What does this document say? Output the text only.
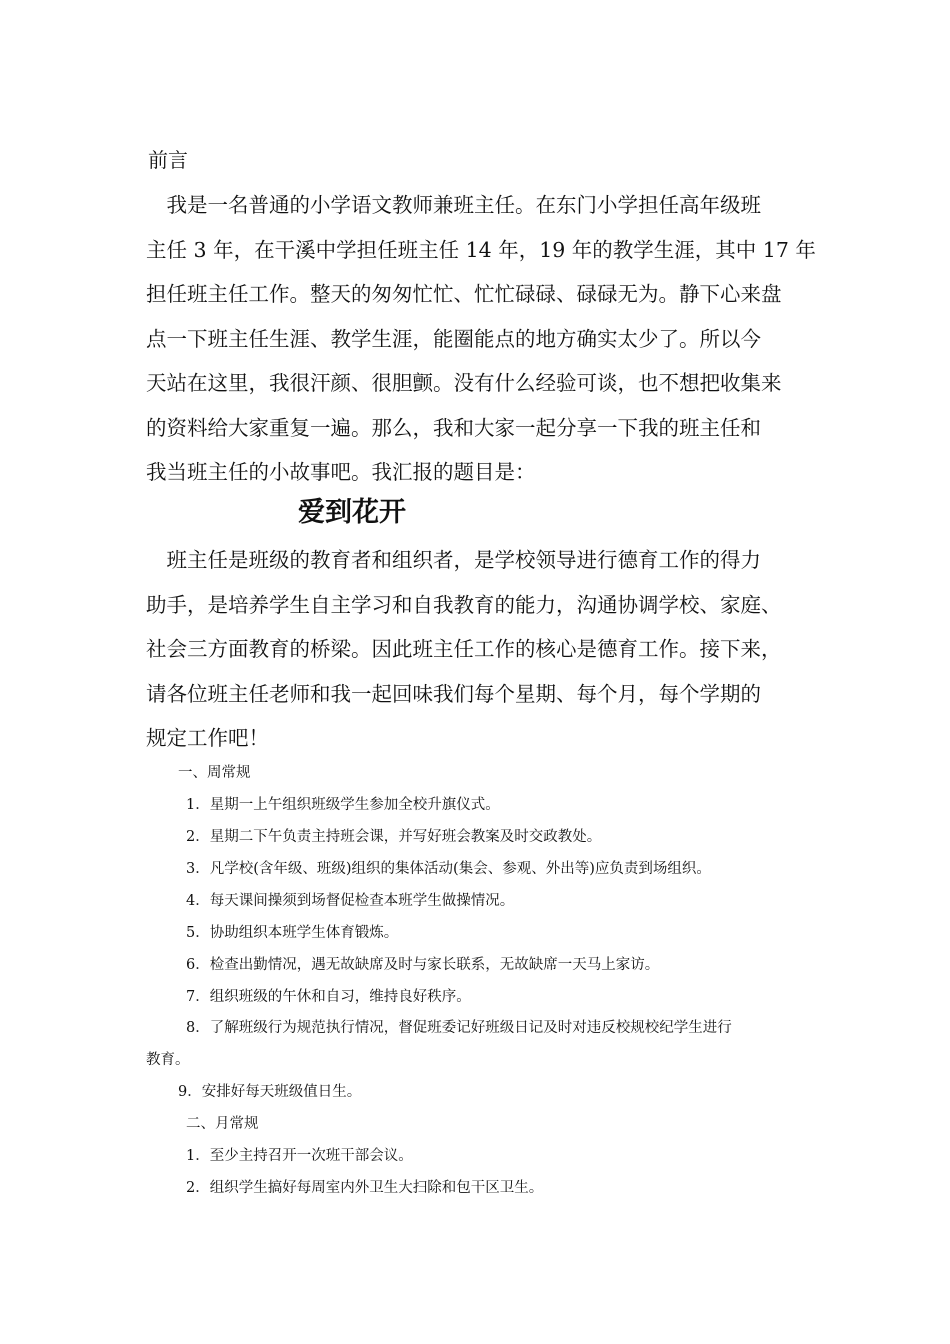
前言

　我是一名普通的小学语文教师兼班主任。在东门小学担任高年级班

主任 3 年，在干溪中学担任班主任 14 年，19 年的教学生涯，其中 17 年

担任班主任工作。整天的匆匆忙忙、忙忙碌碌、碌碌无为。静下心来盘

点一下班主任生涯、教学生涯，能圈能点的地方确实太少了。所以今

天站在这里，我很汗颜、很胆颤。没有什么经验可谈，也不想把收集来

的资料给大家重复一遍。那么，我和大家一起分享一下我的班主任和

我当班主任的小故事吧。我汇报的题目是：

爱到花开

　班主任是班级的教育者和组织者，是学校领导进行德育工作的得力

助手，是培养学生自主学习和自我教育的能力，沟通协调学校、家庭、

社会三方面教育的桥梁。因此班主任工作的核心是德育工作。接下来，

请各位班主任老师和我一起回味我们每个星期、每个月，每个学期的

规定工作吧！

一、周常规
1．星期一上午组织班级学生参加全校升旗仪式。
2．星期二下午负责主持班会课，并写好班会教案及时交政教处。
3．凡学校(含年级、班级)组织的集体活动(集会、参观、外出等)应负责到场组织。
4．每天课间操须到场督促检查本班学生做操情况。
5．协助组织本班学生体育锻炼。
6．检查出勤情况，遇无故缺席及时与家长联系，无故缺席一天马上家访。
7．组织班级的午休和自习，维持良好秩序。
8．了解班级行为规范执行情况，督促班委记好班级日记及时对违反校规校纪学生进行
教育。
9．安排好每天班级值日生。
二、月常规
1．至少主持召开一次班干部会议。
2．组织学生搞好每周室内外卫生大扫除和包干区卫生。
